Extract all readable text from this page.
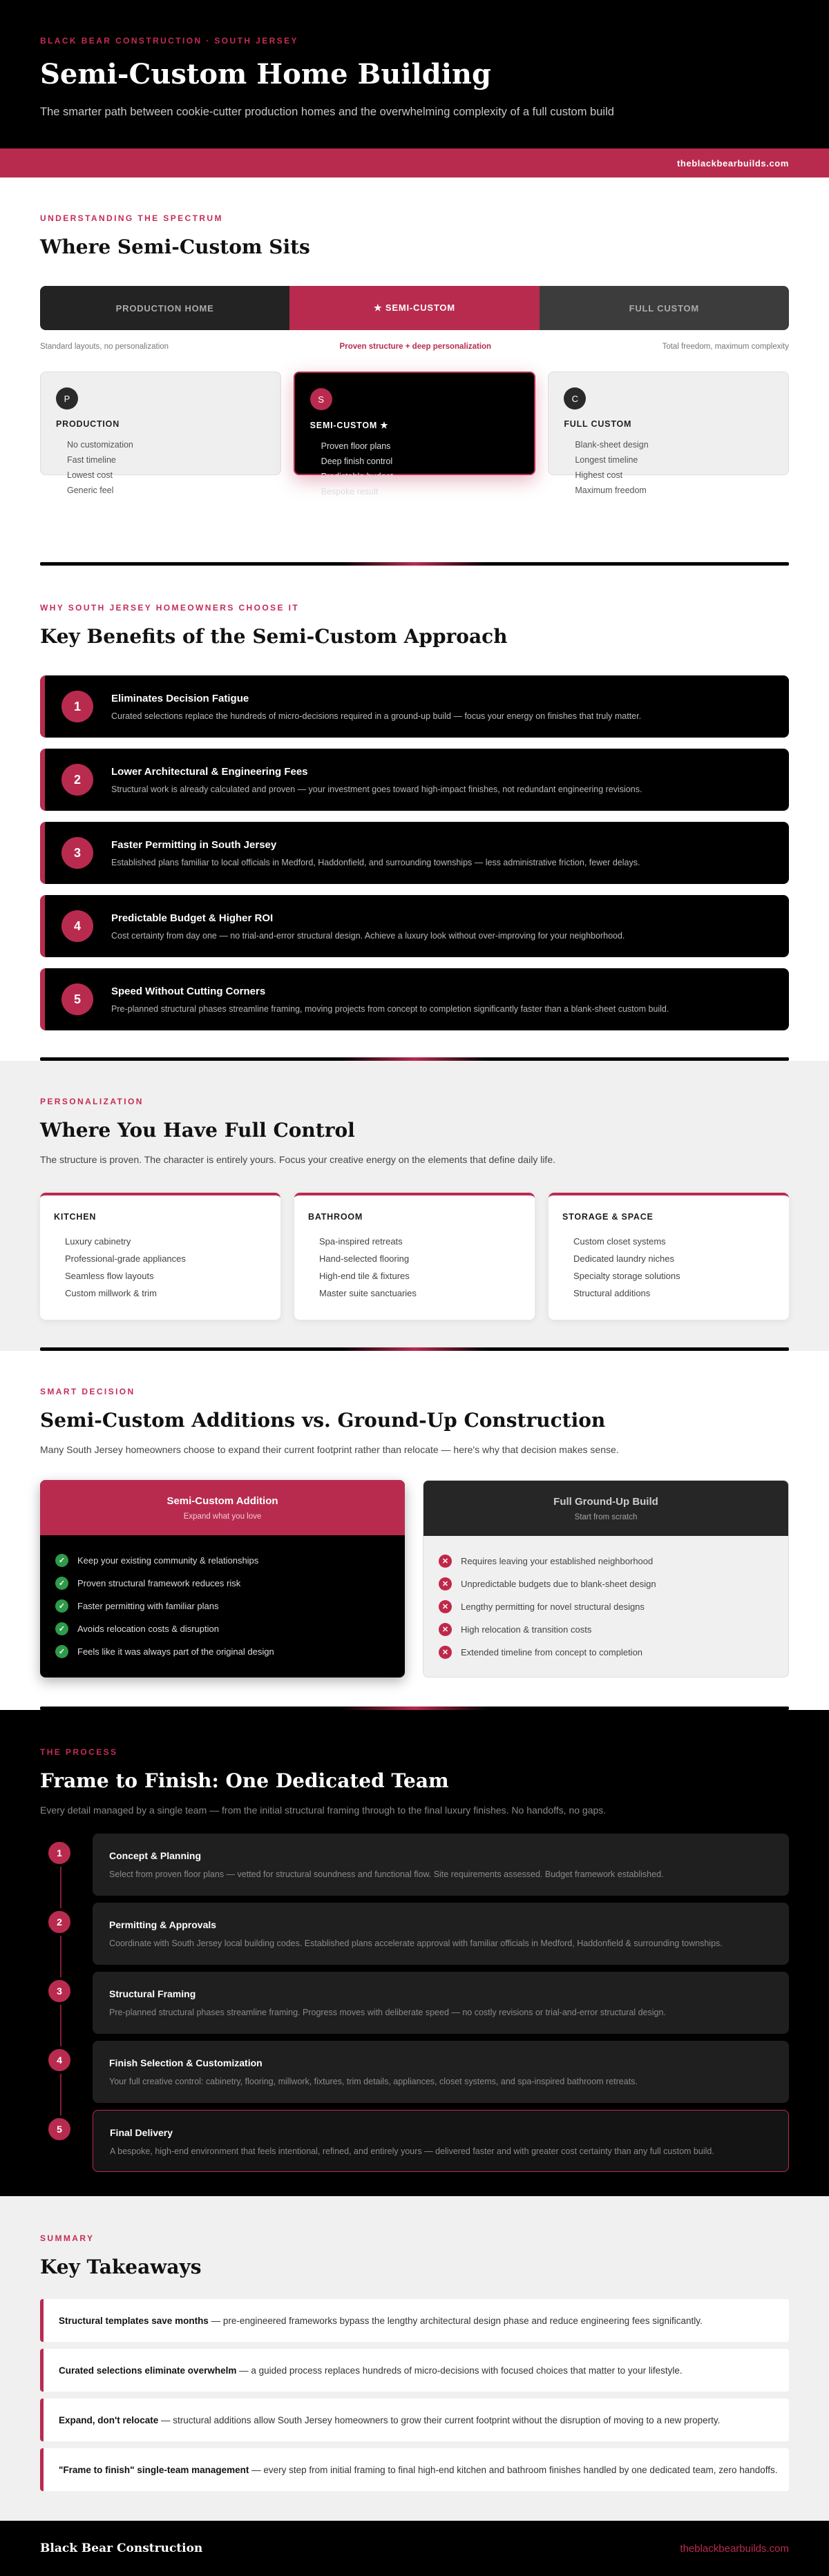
BLACK BEAR CONSTRUCTION · SOUTH JERSEY
Semi-Custom Home Building

The smarter path between cookie-cutter production homes and the overwhelming complexity of a full custom build

theblackbearbuilds.com
UNDERSTANDING THE SPECTRUM
Where Semi-Custom Sits
PRODUCTION HOME	★ SEMI-CUSTOM	FULL CUSTOM
Standard layouts, no personalization	Proven structure + deep personalization	Total freedom, maximum complexity
P
PRODUCTION
No customization
Fast timeline
Lowest cost
Generic feel
S
SEMI-CUSTOM ★
Proven floor plans
Deep finish control
Predictable budget
Bespoke result
C
FULL CUSTOM
Blank-sheet design
Longest timeline
Highest cost
Maximum freedom
WHY SOUTH JERSEY HOMEOWNERS CHOOSE IT
Key Benefits of the Semi-Custom Approach
1
Eliminates Decision Fatigue

Curated selections replace the hundreds of micro-decisions required in a ground-up build — focus your energy on finishes that truly matter.

2
Lower Architectural & Engineering Fees

Structural work is already calculated and proven — your investment goes toward high-impact finishes, not redundant engineering revisions.

3
Faster Permitting in South Jersey

Established plans familiar to local officials in Medford, Haddonfield, and surrounding townships — less administrative friction, fewer delays.

4
Predictable Budget & Higher ROI

Cost certainty from day one — no trial-and-error structural design. Achieve a luxury look without over-improving for your neighborhood.

5
Speed Without Cutting Corners

Pre-planned structural phases streamline framing, moving projects from concept to completion significantly faster than a blank-sheet custom build.

PERSONALIZATION
Where You Have Full Control

The structure is proven. The character is entirely yours. Focus your creative energy on the elements that define daily life.

KITCHEN
Luxury cabinetry
Professional-grade appliances
Seamless flow layouts
Custom millwork & trim
BATHROOM
Spa-inspired retreats
Hand-selected flooring
High-end tile & fixtures
Master suite sanctuaries
STORAGE & SPACE
Custom closet systems
Dedicated laundry niches
Specialty storage solutions
Structural additions
SMART DECISION
Semi-Custom Additions vs. Ground-Up Construction

Many South Jersey homeowners choose to expand their current footprint rather than relocate — here's why that decision makes sense.

Semi-Custom Addition
Expand what you love
✓	Keep your existing community & relationships
✓	Proven structural framework reduces risk
✓	Faster permitting with familiar plans
✓	Avoids relocation costs & disruption
✓	Feels like it was always part of the original design
Full Ground-Up Build
Start from scratch
✕	Requires leaving your established neighborhood
✕	Unpredictable budgets due to blank-sheet design
✕	Lengthy permitting for novel structural designs
✕	High relocation & transition costs
✕	Extended timeline from concept to completion
THE PROCESS
Frame to Finish: One Dedicated Team

Every detail managed by a single team — from the initial structural framing through to the final luxury finishes. No handoffs, no gaps.

1	Concept & Planning

Select from proven floor plans — vetted for structural soundness and functional flow. Site requirements assessed. Budget framework established.

2	Permitting & Approvals

Coordinate with South Jersey local building codes. Established plans accelerate approval with familiar officials in Medford, Haddonfield & surrounding townships.

3	Structural Framing

Pre-planned structural phases streamline framing. Progress moves with deliberate speed — no costly revisions or trial-and-error structural design.

4	Finish Selection & Customization

Your full creative control: cabinetry, flooring, millwork, fixtures, trim details, appliances, closet systems, and spa-inspired bathroom retreats.

5	Final Delivery

A bespoke, high-end environment that feels intentional, refined, and entirely yours — delivered faster and with greater cost certainty than any full custom build.

SUMMARY
Key Takeaways
Structural templates save months — pre-engineered frameworks bypass the lengthy architectural design phase and reduce engineering fees significantly.
Curated selections eliminate overwhelm — a guided process replaces hundreds of micro-decisions with focused choices that matter to your lifestyle.
Expand, don't relocate — structural additions allow South Jersey homeowners to grow their current footprint without the disruption of moving to a new property.
"Frame to finish" single-team management — every step from initial framing to final high-end kitchen and bathroom finishes handled by one dedicated team, zero handoffs.
Black Bear Construction	theblackbearbuilds.com
